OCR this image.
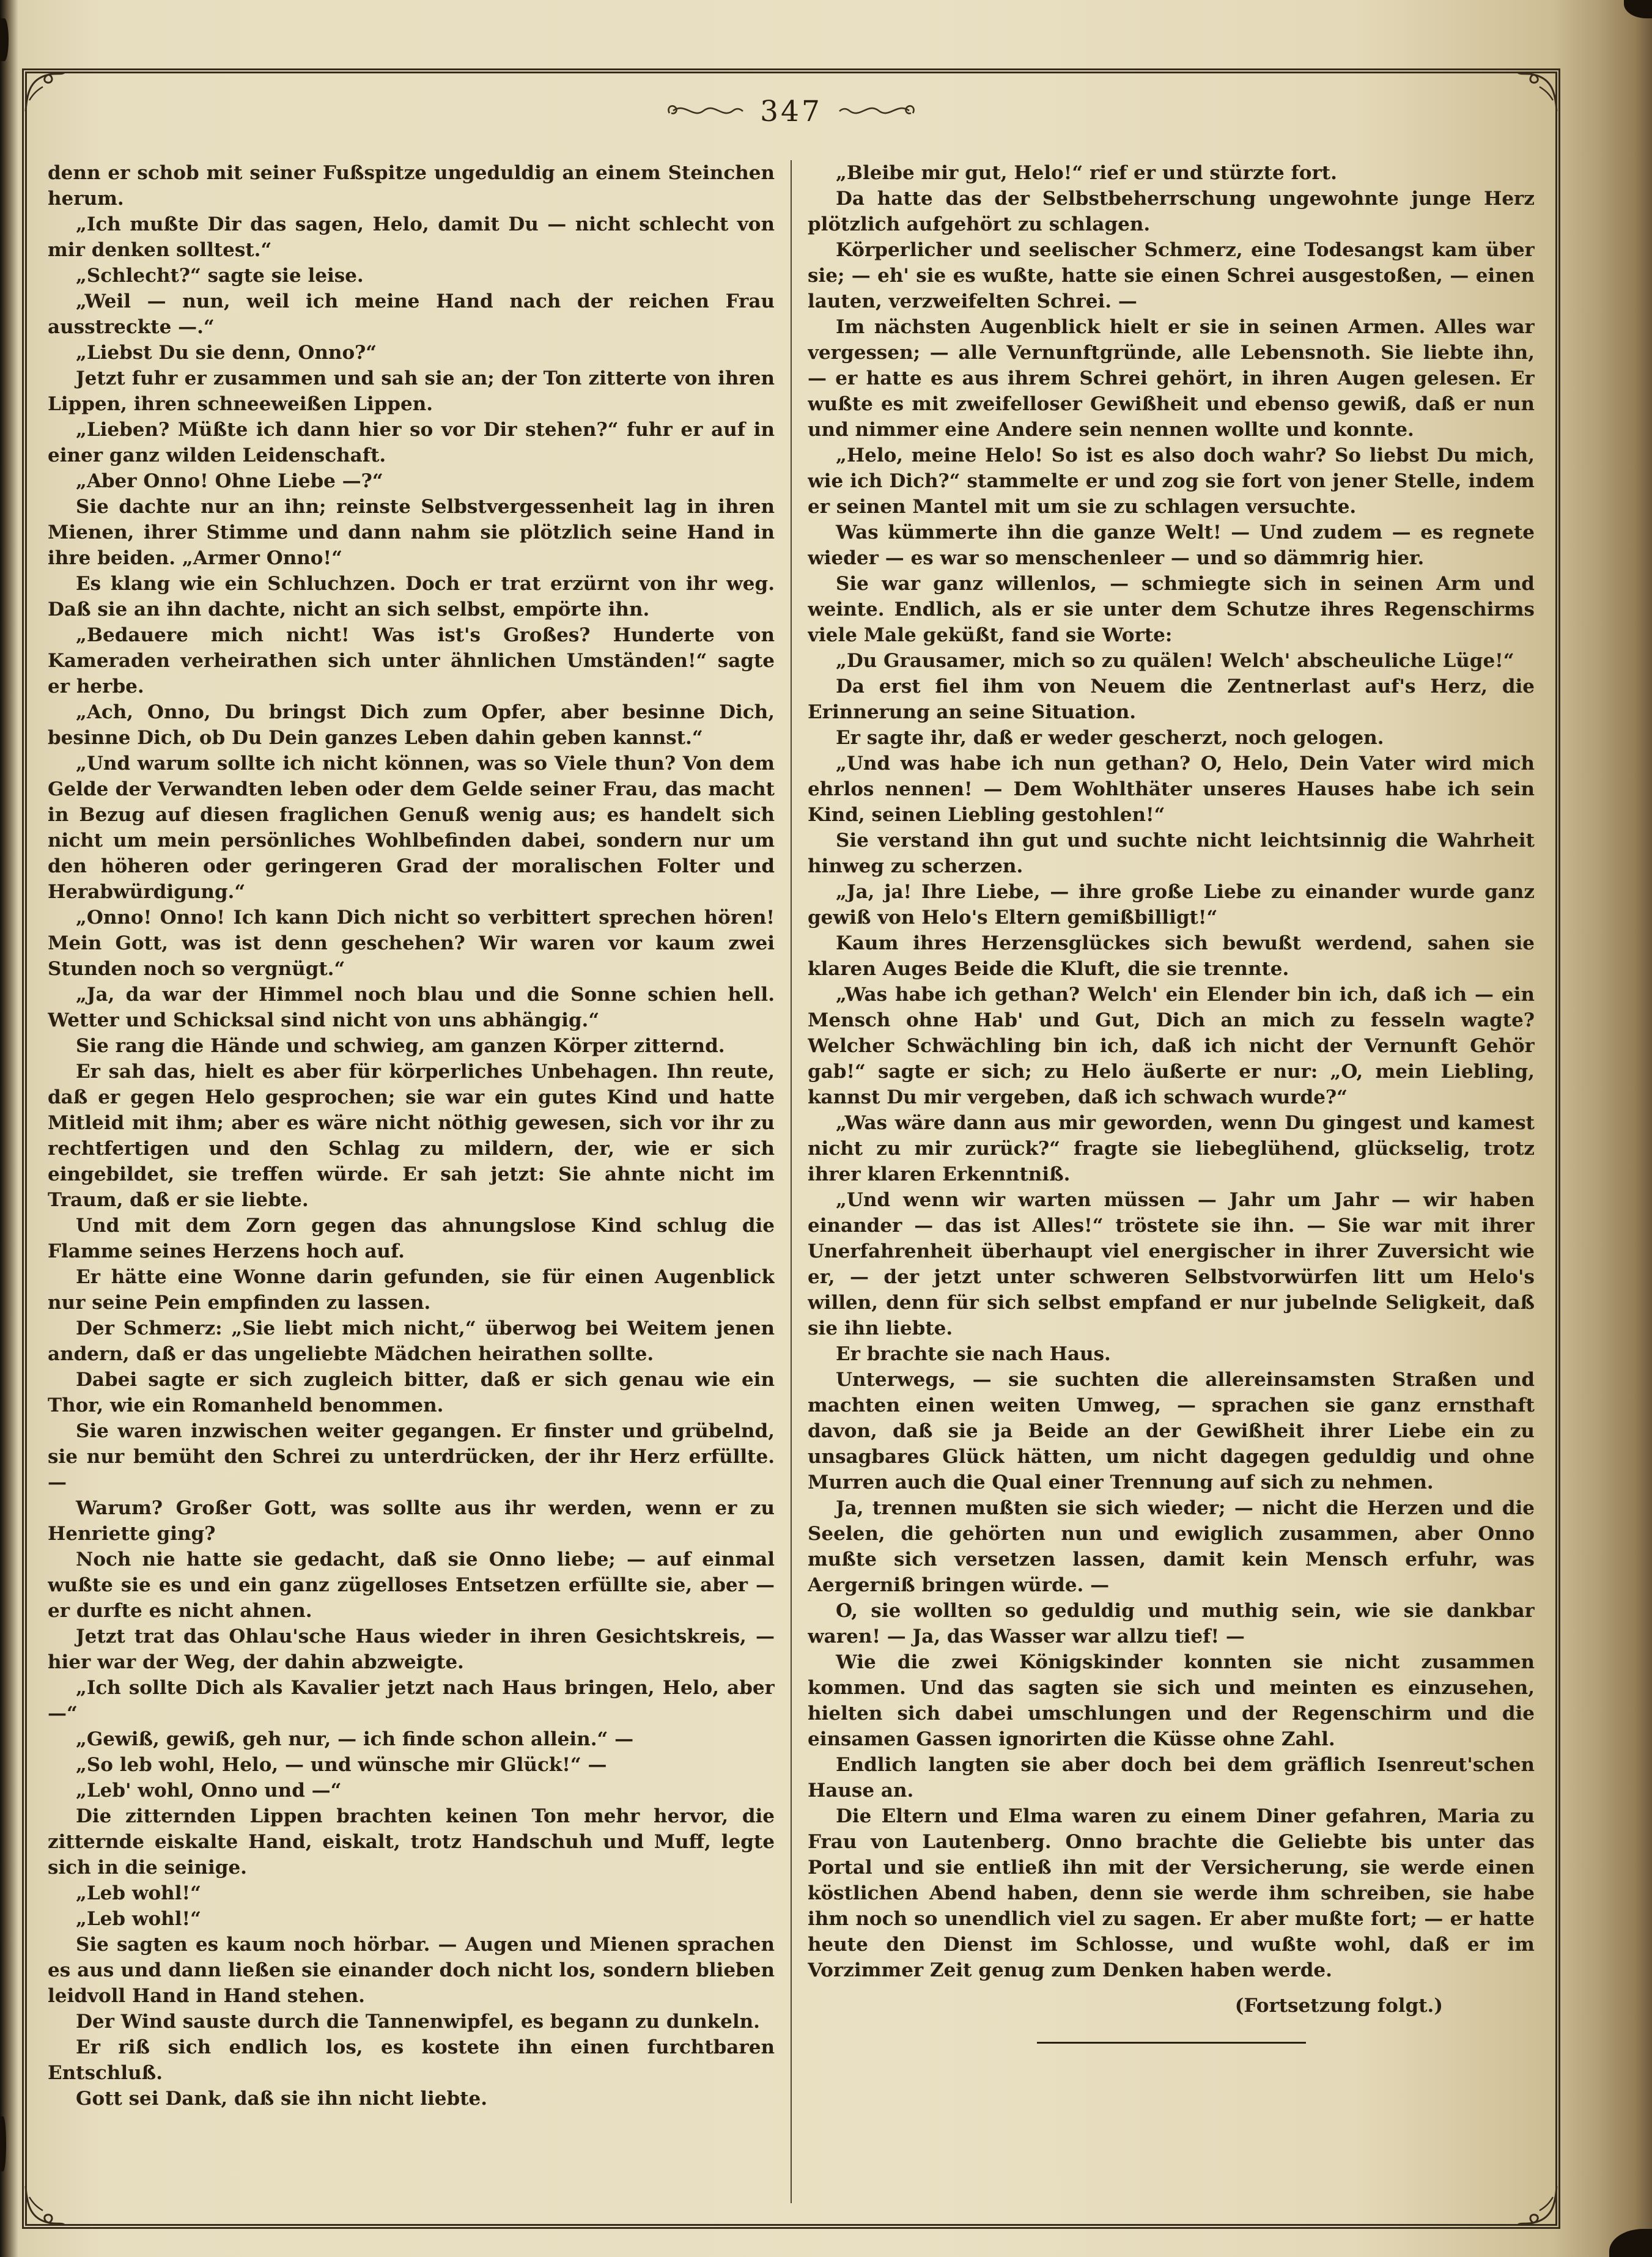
347

denn er schob mit seiner Fußspitze ungeduldig an einem Steinchen herum.

„Ich mußte Dir das sagen, Helo, damit Du — nicht schlecht von mir denken solltest.“

„Schlecht?“ sagte sie leise.

„Weil — nun, weil ich meine Hand nach der reichen Frau ausstreckte —.“

„Liebst Du sie denn, Onno?“

Jetzt fuhr er zusammen und sah sie an; der Ton zitterte von ihren Lippen, ihren schneeweißen Lippen.

„Lieben? Müßte ich dann hier so vor Dir stehen?“ fuhr er auf in einer ganz wilden Leidenschaft.

„Aber Onno! Ohne Liebe —?“

Sie dachte nur an ihn; reinste Selbstvergessenheit lag in ihren Mienen, ihrer Stimme und dann nahm sie plötzlich seine Hand in ihre beiden. „Armer Onno!“

Es klang wie ein Schluchzen. Doch er trat erzürnt von ihr weg. Daß sie an ihn dachte, nicht an sich selbst, empörte ihn.

„Bedauere mich nicht! Was ist's Großes? Hunderte von Kameraden verheirathen sich unter ähnlichen Umständen!“ sagte er herbe.

„Ach, Onno, Du bringst Dich zum Opfer, aber besinne Dich, besinne Dich, ob Du Dein ganzes Leben dahin geben kannst.“

„Und warum sollte ich nicht können, was so Viele thun? Von dem Gelde der Verwandten leben oder dem Gelde seiner Frau, das macht in Bezug auf diesen fraglichen Genuß wenig aus; es handelt sich nicht um mein persönliches Wohlbefinden dabei, sondern nur um den höheren oder geringeren Grad der moralischen Folter und Herabwürdigung.“

„Onno! Onno! Ich kann Dich nicht so verbittert sprechen hören! Mein Gott, was ist denn geschehen? Wir waren vor kaum zwei Stunden noch so vergnügt.“

„Ja, da war der Himmel noch blau und die Sonne schien hell. Wetter und Schicksal sind nicht von uns abhängig.“

Sie rang die Hände und schwieg, am ganzen Körper zitternd.

Er sah das, hielt es aber für körperliches Unbehagen. Ihn reute, daß er gegen Helo gesprochen; sie war ein gutes Kind und hatte Mitleid mit ihm; aber es wäre nicht nöthig gewesen, sich vor ihr zu rechtfertigen und den Schlag zu mildern, der, wie er sich eingebildet, sie treffen würde. Er sah jetzt: Sie ahnte nicht im Traum, daß er sie liebte.

Und mit dem Zorn gegen das ahnungslose Kind schlug die Flamme seines Herzens hoch auf.

Er hätte eine Wonne darin gefunden, sie für einen Augenblick nur seine Pein empfinden zu lassen.

Der Schmerz: „Sie liebt mich nicht,“ überwog bei Weitem jenen andern, daß er das ungeliebte Mädchen heirathen sollte.

Dabei sagte er sich zugleich bitter, daß er sich genau wie ein Thor, wie ein Romanheld benommen.

Sie waren inzwischen weiter gegangen. Er finster und grübelnd, sie nur bemüht den Schrei zu unterdrücken, der ihr Herz erfüllte. —

Warum? Großer Gott, was sollte aus ihr werden, wenn er zu Henriette ging?

Noch nie hatte sie gedacht, daß sie Onno liebe; — auf einmal wußte sie es und ein ganz zügelloses Entsetzen erfüllte sie, aber — er durfte es nicht ahnen.

Jetzt trat das Ohlau'sche Haus wieder in ihren Gesichtskreis, — hier war der Weg, der dahin abzweigte.

„Ich sollte Dich als Kavalier jetzt nach Haus bringen, Helo, aber —“

„Gewiß, gewiß, geh nur, — ich finde schon allein.“ —

„So leb wohl, Helo, — und wünsche mir Glück!“ —

„Leb' wohl, Onno und —“

Die zitternden Lippen brachten keinen Ton mehr hervor, die zitternde eiskalte Hand, eiskalt, trotz Handschuh und Muff, legte sich in die seinige.

„Leb wohl!“

„Leb wohl!“

Sie sagten es kaum noch hörbar. — Augen und Mienen sprachen es aus und dann ließen sie einander doch nicht los, sondern blieben leidvoll Hand in Hand stehen.

Der Wind sauste durch die Tannenwipfel, es begann zu dunkeln.

Er riß sich endlich los, es kostete ihn einen furchtbaren Entschluß.

Gott sei Dank, daß sie ihn nicht liebte.

„Bleibe mir gut, Helo!“ rief er und stürzte fort.

Da hatte das der Selbstbeherrschung ungewohnte junge Herz plötzlich aufgehört zu schlagen.

Körperlicher und seelischer Schmerz, eine Todesangst kam über sie; — eh' sie es wußte, hatte sie einen Schrei ausgestoßen, — einen lauten, verzweifelten Schrei. —

Im nächsten Augenblick hielt er sie in seinen Armen. Alles war vergessen; — alle Vernunftgründe, alle Lebensnoth. Sie liebte ihn, — er hatte es aus ihrem Schrei gehört, in ihren Augen gelesen. Er wußte es mit zweifelloser Gewißheit und ebenso gewiß, daß er nun und nimmer eine Andere sein nennen wollte und konnte.

„Helo, meine Helo! So ist es also doch wahr? So liebst Du mich, wie ich Dich?“ stammelte er und zog sie fort von jener Stelle, indem er seinen Mantel mit um sie zu schlagen versuchte.

Was kümmerte ihn die ganze Welt! — Und zudem — es regnete wieder — es war so menschenleer — und so dämmrig hier.

Sie war ganz willenlos, — schmiegte sich in seinen Arm und weinte. Endlich, als er sie unter dem Schutze ihres Regenschirms viele Male geküßt, fand sie Worte:

„Du Grausamer, mich so zu quälen! Welch' abscheuliche Lüge!“

Da erst fiel ihm von Neuem die Zentnerlast auf's Herz, die Erinnerung an seine Situation.

Er sagte ihr, daß er weder gescherzt, noch gelogen.

„Und was habe ich nun gethan? O, Helo, Dein Vater wird mich ehrlos nennen! — Dem Wohlthäter unseres Hauses habe ich sein Kind, seinen Liebling gestohlen!“

Sie verstand ihn gut und suchte nicht leichtsinnig die Wahrheit hinweg zu scherzen.

„Ja, ja! Ihre Liebe, — ihre große Liebe zu einander wurde ganz gewiß von Helo's Eltern gemißbilligt!“

Kaum ihres Herzensglückes sich bewußt werdend, sahen sie klaren Auges Beide die Kluft, die sie trennte.

„Was habe ich gethan? Welch' ein Elender bin ich, daß ich — ein Mensch ohne Hab' und Gut, Dich an mich zu fesseln wagte? Welcher Schwächling bin ich, daß ich nicht der Vernunft Gehör gab!“ sagte er sich; zu Helo äußerte er nur: „O, mein Liebling, kannst Du mir vergeben, daß ich schwach wurde?“

„Was wäre dann aus mir geworden, wenn Du gingest und kamest nicht zu mir zurück?“ fragte sie liebeglühend, glückselig, trotz ihrer klaren Erkenntniß.

„Und wenn wir warten müssen — Jahr um Jahr — wir haben einander — das ist Alles!“ tröstete sie ihn. — Sie war mit ihrer Unerfahrenheit überhaupt viel energischer in ihrer Zuversicht wie er, — der jetzt unter schweren Selbstvorwürfen litt um Helo's willen, denn für sich selbst empfand er nur jubelnde Seligkeit, daß sie ihn liebte.

Er brachte sie nach Haus.

Unterwegs, — sie suchten die allereinsamsten Straßen und machten einen weiten Umweg, — sprachen sie ganz ernsthaft davon, daß sie ja Beide an der Gewißheit ihrer Liebe ein zu unsagbares Glück hätten, um nicht dagegen geduldig und ohne Murren auch die Qual einer Trennung auf sich zu nehmen.

Ja, trennen mußten sie sich wieder; — nicht die Herzen und die Seelen, die gehörten nun und ewiglich zusammen, aber Onno mußte sich versetzen lassen, damit kein Mensch erfuhr, was Aergerniß bringen würde. —

O, sie wollten so geduldig und muthig sein, wie sie dankbar waren! — Ja, das Wasser war allzu tief! —

Wie die zwei Königskinder konnten sie nicht zusammen kommen. Und das sagten sie sich und meinten es einzusehen, hielten sich dabei umschlungen und der Regenschirm und die einsamen Gassen ignorirten die Küsse ohne Zahl.

Endlich langten sie aber doch bei dem gräflich Isenreut'schen Hause an.

Die Eltern und Elma waren zu einem Diner gefahren, Maria zu Frau von Lautenberg. Onno brachte die Geliebte bis unter das Portal und sie entließ ihn mit der Versicherung, sie werde einen köstlichen Abend haben, denn sie werde ihm schreiben, sie habe ihm noch so unendlich viel zu sagen. Er aber mußte fort; — er hatte heute den Dienst im Schlosse, und wußte wohl, daß er im Vorzimmer Zeit genug zum Denken haben werde.

(Fortsetzung folgt.)
